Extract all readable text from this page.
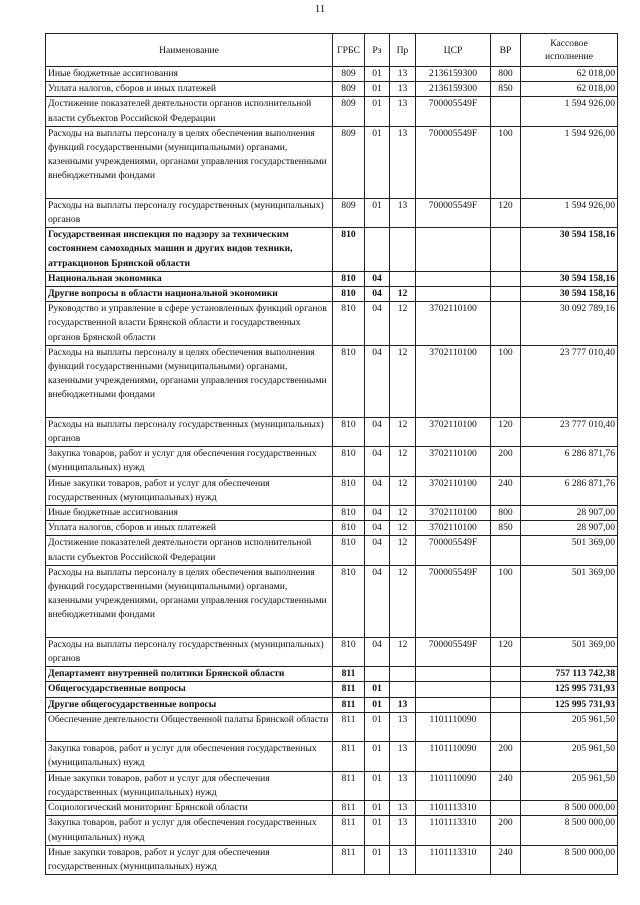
11
Наименование	ГРБС	Рз	Пр	ЦСР	ВР	Кассовое
исполнение
Иные бюджетные ассигнования	809	01	13	2136159300	800	62 018,00
Уплата налогов, сборов и иных платежей	809	01	13	2136159300	850	62 018,00
Достижение показателей деятельности органов исполнительной власти субъектов Российской Федерации	809	01	13	700005549F		1 594 926,00
Расходы на выплаты персоналу в целях обеспечения выполнения функций государственными (муниципальными) органами, казенными учреждениями, органами управления государственными внебюджетными фондами	809	01	13	700005549F	100	1 594 926,00
Расходы на выплаты персоналу государственных (муниципальных) органов	809	01	13	700005549F	120	1 594 926,00
Государственная инспекция по надзору за техническим состоянием самоходных машин и других видов техники, аттракционов Брянской области	810					30 594 158,16
Национальная экономика	810	04				30 594 158,16
Другие вопросы в области национальной экономики	810	04	12			30 594 158,16
Руководство и управление в сфере установленных функций органов государственной власти Брянской области и государственных органов Брянской области	810	04	12	3702110100		30 092 789,16
Расходы на выплаты персоналу в целях обеспечения выполнения функций государственными (муниципальными) органами, казенными учреждениями, органами управления государственными внебюджетными фондами	810	04	12	3702110100	100	23 777 010,40
Расходы на выплаты персоналу государственных (муниципальных) органов	810	04	12	3702110100	120	23 777 010,40
Закупка товаров, работ и услуг для обеспечения государственных (муниципальных) нужд	810	04	12	3702110100	200	6 286 871,76
Иные закупки товаров, работ и услуг для обеспечения государственных (муниципальных) нужд	810	04	12	3702110100	240	6 286 871,76
Иные бюджетные ассигнования	810	04	12	3702110100	800	28 907,00
Уплата налогов, сборов и иных платежей	810	04	12	3702110100	850	28 907,00
Достижение показателей деятельности органов исполнительной власти субъектов Российской Федерации	810	04	12	700005549F		501 369,00
Расходы на выплаты персоналу в целях обеспечения выполнения функций государственными (муниципальными) органами, казенными учреждениями, органами управления государственными внебюджетными фондами	810	04	12	700005549F	100	501 369,00
Расходы на выплаты персоналу государственных (муниципальных) органов	810	04	12	700005549F	120	501 369,00
Департамент внутренней политики Брянской области	811					757 113 742,38
Общегосударственные вопросы	811	01				125 995 731,93
Другие общегосударственные вопросы	811	01	13			125 995 731,93
Обеспечение деятельности Общественной палаты Брянской области	811	01	13	1101110090		205 961,50
Закупка товаров, работ и услуг для обеспечения государственных (муниципальных) нужд	811	01	13	1101110090	200	205 961,50
Иные закупки товаров, работ и услуг для обеспечения государственных (муниципальных) нужд	811	01	13	1101110090	240	205 961,50
Социологический мониторинг Брянской области	811	01	13	1101113310		8 500 000,00
Закупка товаров, работ и услуг для обеспечения государственных (муниципальных) нужд	811	01	13	1101113310	200	8 500 000,00
Иные закупки товаров, работ и услуг для обеспечения государственных (муниципальных) нужд	811	01	13	1101113310	240	8 500 000,00
